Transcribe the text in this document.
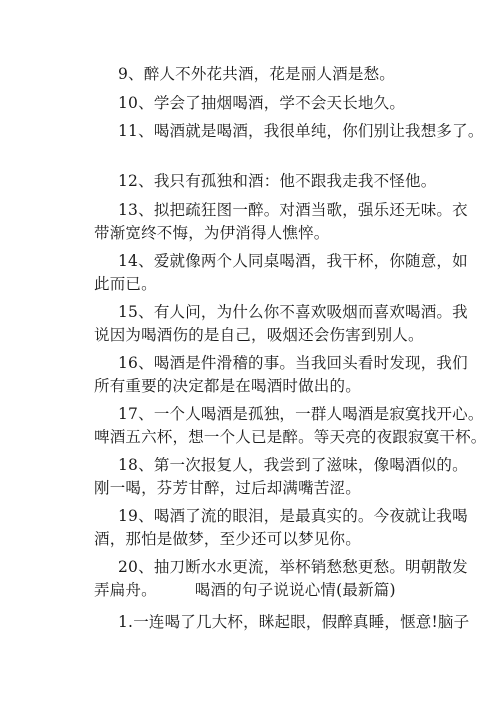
9、醉人不外花共酒，花是丽人酒是愁。
10、学会了抽烟喝酒，学不会天长地久。
11、喝酒就是喝酒，我很单纯，你们别让我想多了。
12、我只有孤独和酒：他不跟我走我不怪他。
13、拟把疏狂图一醉。对酒当歌，强乐还无味。衣
带渐宽终不悔，为伊消得人憔悴。
14、爱就像两个人同桌喝酒，我干杯，你随意，如
此而已。
15、有人问，为什么你不喜欢吸烟而喜欢喝酒。我
说因为喝酒伤的是自己，吸烟还会伤害到别人。
16、喝酒是件滑稽的事。当我回头看时发现，我们
所有重要的决定都是在喝酒时做出的。
17、一个人喝酒是孤独，一群人喝酒是寂寞找开心。
啤酒五六杯，想一个人已是醉。等天亮的夜跟寂寞干杯。
18、第一次报复人，我尝到了滋味，像喝酒似的。
刚一喝，芬芳甘醉，过后却满嘴苦涩。
19、喝酒了流的眼泪，是最真实的。今夜就让我喝
酒，那怕是做梦，至少还可以梦见你。
20、抽刀断水水更流，举杯销愁愁更愁。明朝散发
弄扁舟。 喝酒的句子说说心情(最新篇)
1.一连喝了几大杯，眯起眼，假醉真睡，惬意!脑子
